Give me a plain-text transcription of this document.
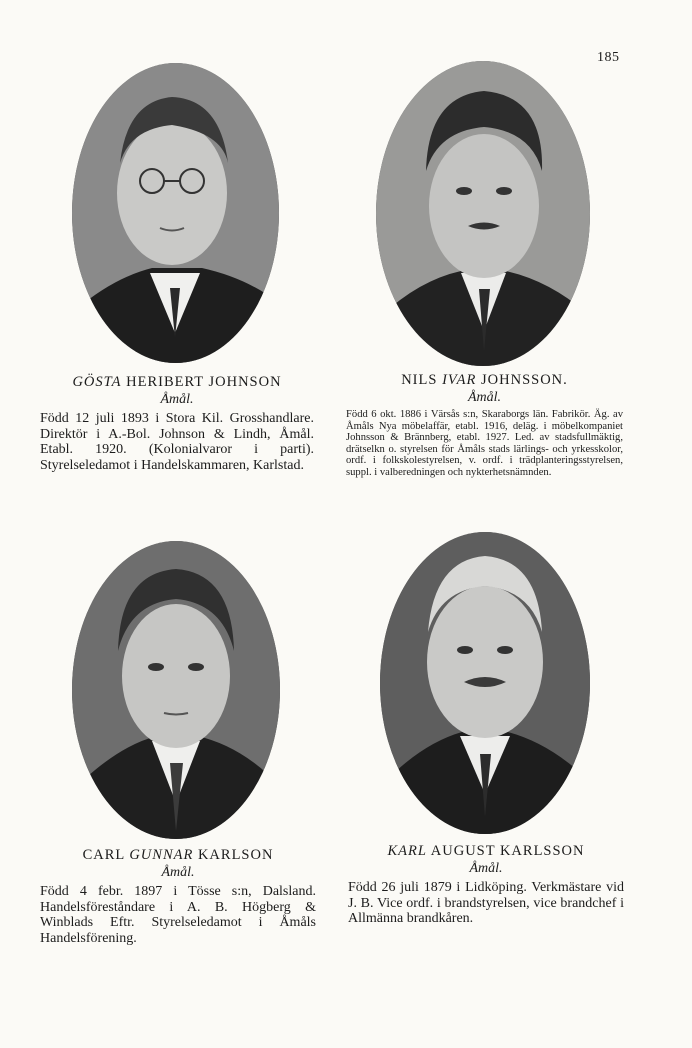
185

GÖSTA HERIBERT JOHNSON

Åmål.

Född 12 juli 1893 i Stora Kil. Grosshandlare. Direktör i A.-Bol. Johnson & Lindh, Åmål. Etabl. 1920. (Kolonialvaror i parti). Styrelseledamot i Handelskammaren, Karlstad.

NILS IVAR JOHNSSON.

Åmål.

Född 6 okt. 1886 i Värsås s:n, Skaraborgs län. Fabrikör. Äg. av Åmåls Nya möbelaffär, etabl. 1916, deläg. i möbelkompaniet Johnsson & Brännberg, etabl. 1927. Led. av stadsfullmäktig, drätselkn o. styrelsen för Åmåls stads lärlings- och yrkesskolor, ordf. i folkskolestyrelsen, v. ordf. i trädplanteringsstyrelsen, suppl. i valberedningen och nykterhetsnämnden.

CARL GUNNAR KARLSON

Åmål.

Född 4 febr. 1897 i Tösse s:n, Dalsland. Handelsföreståndare i A. B. Högberg & Winblads Eftr. Styrelseledamot i Åmåls Handelsförening.

KARL AUGUST KARLSSON

Åmål.

Född 26 juli 1879 i Lidköping. Verkmästare vid J. B. Vice ordf. i brandstyrelsen, vice brandchef i Allmänna brandkåren.
